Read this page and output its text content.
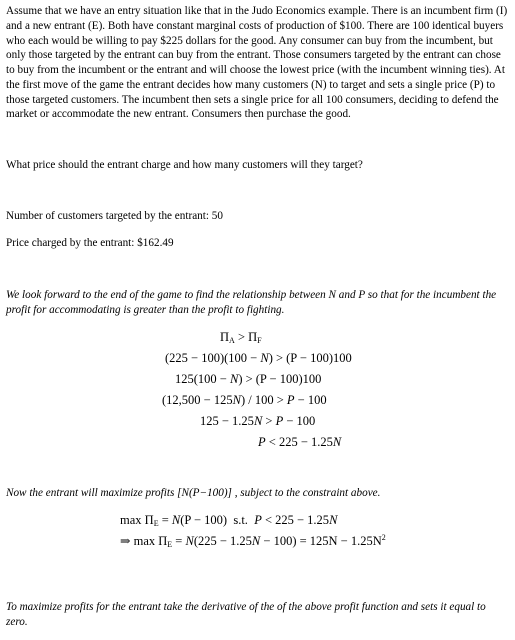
Assume that we have an entry situation like that in the Judo Economics example. There is an incumbent firm (I) and a new entrant (E). Both have constant marginal costs of production of $100. There are 100 identical buyers who each would be willing to pay $225 dollars for the good. Any consumer can buy from the incumbent, but only those targeted by the entrant can buy from the entrant. Those consumers targeted by the entrant can chose to buy from the incumbent or the entrant and will choose the lowest price (with the incumbent winning ties). At the first move of the game the entrant decides how many customers (N) to target and sets a single price (P) to those targeted customers. The incumbent then sets a single price for all 100 consumers, deciding to defend the market or accommodate the new entrant. Consumers then purchase the good.

What price should the entrant charge and how many customers will they target?

Number of customers targeted by the entrant: 50

Price charged by the entrant: $162.49

We look forward to the end of the game to find the relationship between N and P so that for the incumbent the profit for accommodating is greater than the profit to fighting.

$\Pi_A > \Pi_F$
(225 − 100)(100 − N) > (P − 100)100
125(100 − N) > (P − 100)100
(12,500 − 125N) / 100 > P − 100
125 − 1.25N > P − 100
P < 225 − 1.25N

Now the entrant will maximize profits [N(P−100)] , subject to the constraint above.

$\max \Pi_E = N(P - 100)$  s.t.  P < 225 − 1.25N
⇒ $\max \Pi_E = N(225 - 1.25N - 100) = 125N - 1.25N^2$

To maximize profits for the entrant take the derivative of the of the above profit function and sets it equal to zero.
